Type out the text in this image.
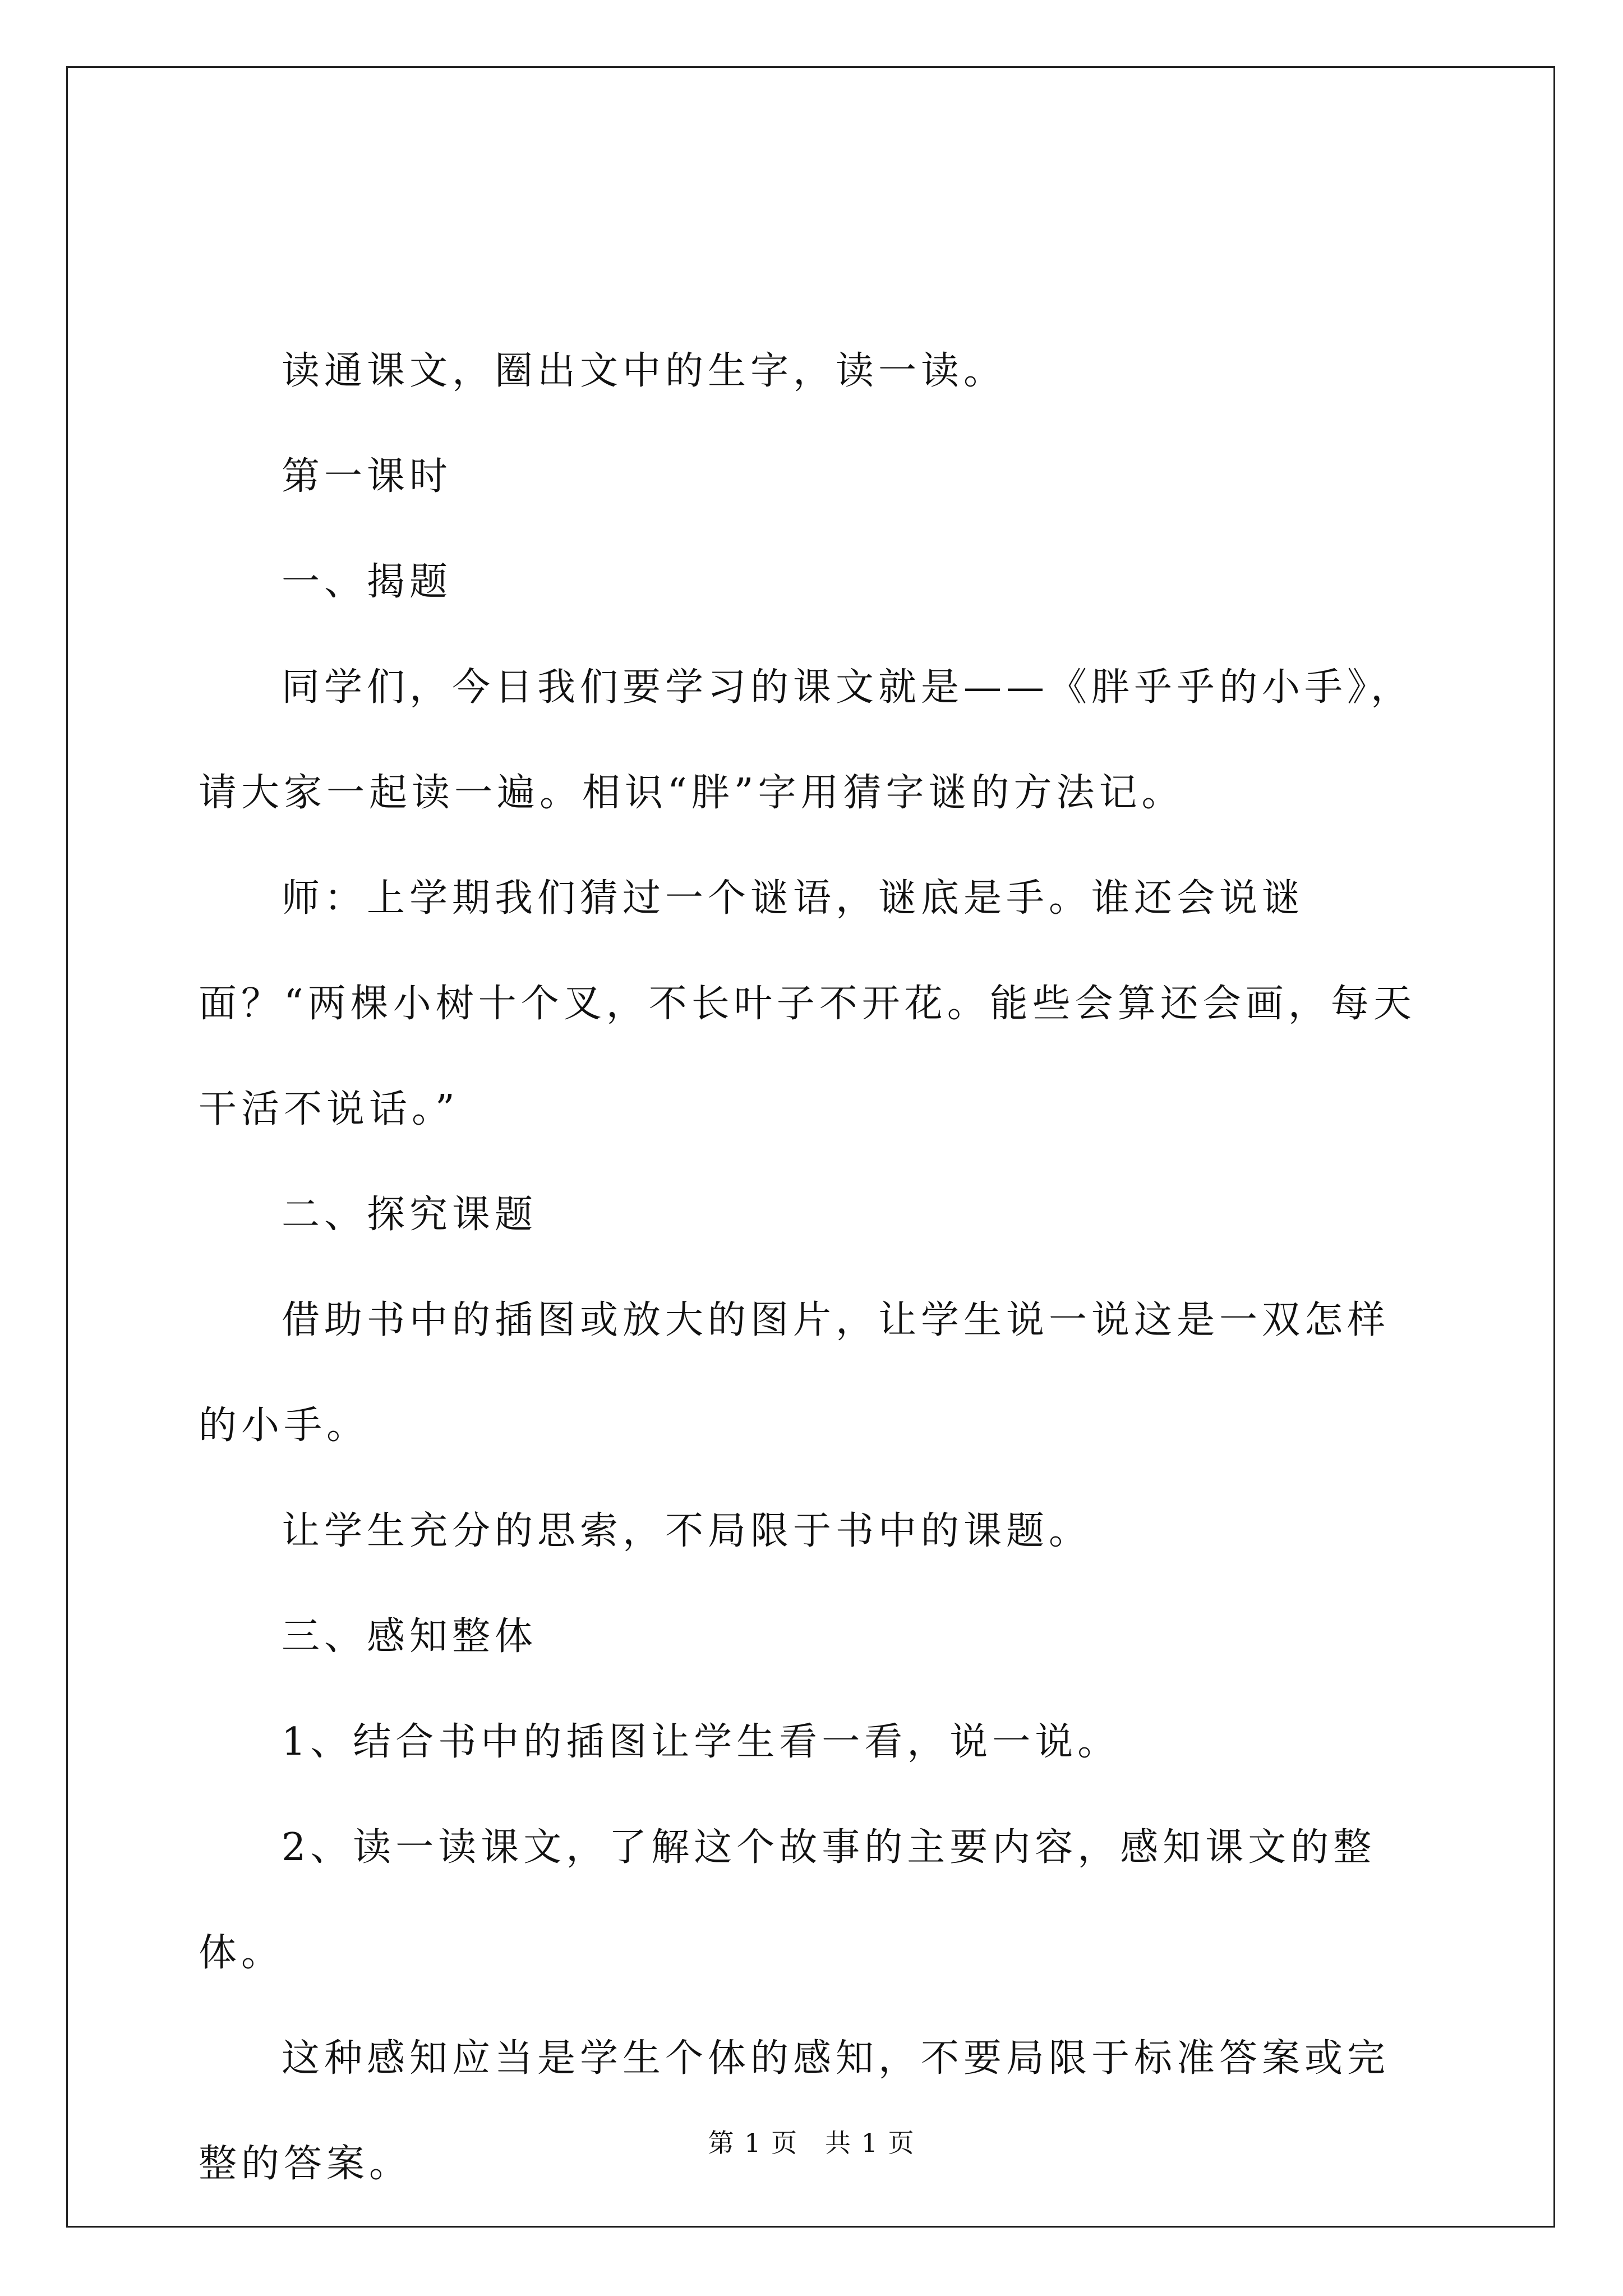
读通课文，圈出文中的生字，读一读。

第一课时

一、揭题

同学们，今日我们要学习的课文就是——《胖乎乎的小手》，请大家一起读一遍。相识“胖”字用猜字谜的方法记。

师：上学期我们猜过一个谜语，谜底是手。谁还会说谜面？“两棵小树十个叉，不长叶子不开花。能些会算还会画，每天干活不说话。”

二、探究课题

借助书中的插图或放大的图片，让学生说一说这是一双怎样的小手。

让学生充分的思索，不局限于书中的课题。

三、感知整体

1、结合书中的插图让学生看一看，说一说。

2、读一读课文，了解这个故事的主要内容，感知课文的整体。

这种感知应当是学生个体的感知，不要局限于标准答案或完整的答案。	第 1 页　共 1 页
